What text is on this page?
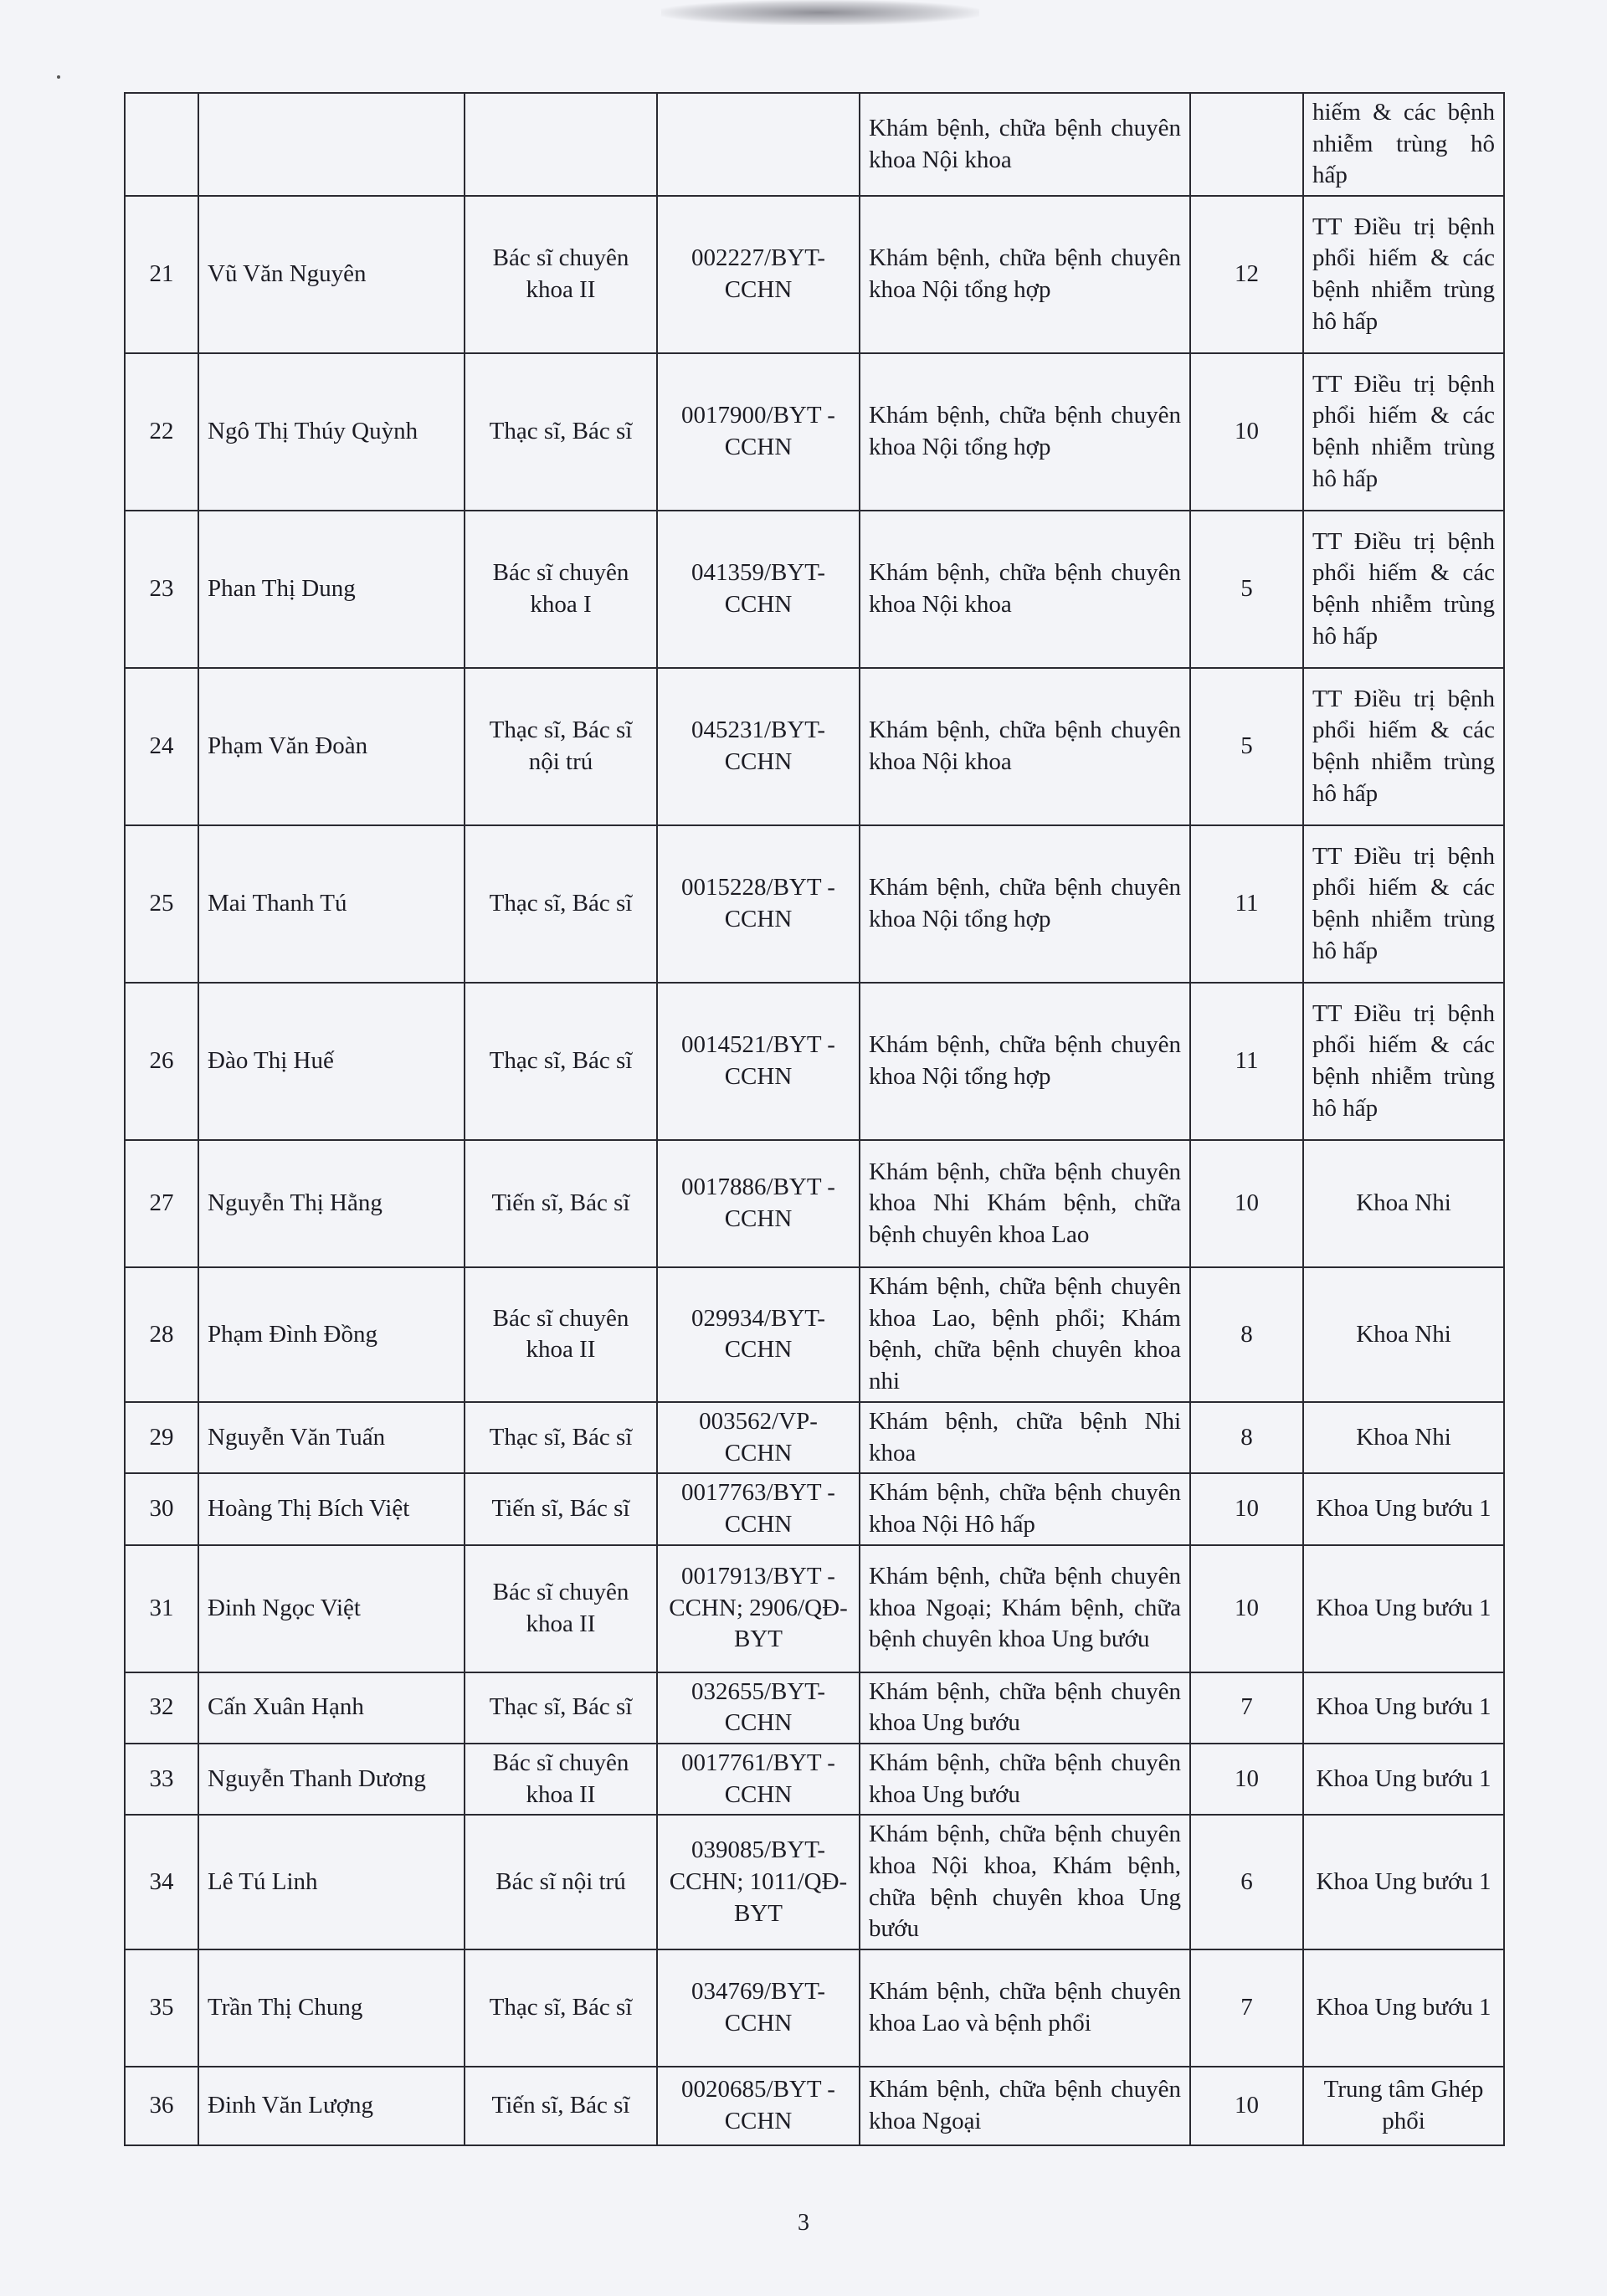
				Khám bệnh, chữa bệnh chuyên khoa Nội khoa		hiếm & các bệnh nhiễm trùng hô hấp
21	Vũ Văn Nguyên	Bác sĩ chuyên khoa II	002227/BYT-CCHN	Khám bệnh, chữa bệnh chuyên khoa Nội tổng hợp	12	TT Điều trị bệnh phổi hiếm & các bệnh nhiễm trùng hô hấp
22	Ngô Thị Thúy Quỳnh	Thạc sĩ, Bác sĩ	0017900/BYT -CCHN	Khám bệnh, chữa bệnh chuyên khoa Nội tổng hợp	10	TT Điều trị bệnh phổi hiếm & các bệnh nhiễm trùng hô hấp
23	Phan Thị Dung	Bác sĩ chuyên khoa I	041359/BYT-CCHN	Khám bệnh, chữa bệnh chuyên khoa Nội khoa	5	TT Điều trị bệnh phổi hiếm & các bệnh nhiễm trùng hô hấp
24	Phạm Văn Đoàn	Thạc sĩ, Bác sĩ nội trú	045231/BYT-CCHN	Khám bệnh, chữa bệnh chuyên khoa Nội khoa	5	TT Điều trị bệnh phổi hiếm & các bệnh nhiễm trùng hô hấp
25	Mai Thanh Tú	Thạc sĩ, Bác sĩ	0015228/BYT -CCHN	Khám bệnh, chữa bệnh chuyên khoa Nội tổng hợp	11	TT Điều trị bệnh phổi hiếm & các bệnh nhiễm trùng hô hấp
26	Đào Thị Huế	Thạc sĩ, Bác sĩ	0014521/BYT -CCHN	Khám bệnh, chữa bệnh chuyên khoa Nội tổng hợp	11	TT Điều trị bệnh phổi hiếm & các bệnh nhiễm trùng hô hấp
27	Nguyễn Thị Hằng	Tiến sĩ, Bác sĩ	0017886/BYT -CCHN	Khám bệnh, chữa bệnh chuyên khoa Nhi Khám bệnh, chữa bệnh chuyên khoa Lao	10	Khoa Nhi
28	Phạm Đình Đồng	Bác sĩ chuyên khoa II	029934/BYT-CCHN	Khám bệnh, chữa bệnh chuyên khoa Lao, bệnh phổi; Khám bệnh, chữa bệnh chuyên khoa nhi	8	Khoa Nhi
29	Nguyễn Văn Tuấn	Thạc sĩ, Bác sĩ	003562/VP-CCHN	Khám bệnh, chữa bệnh Nhi khoa	8	Khoa Nhi
30	Hoàng Thị Bích Việt	Tiến sĩ, Bác sĩ	0017763/BYT -CCHN	Khám bệnh, chữa bệnh chuyên khoa Nội Hô hấp	10	Khoa Ung bướu 1
31	Đinh Ngọc Việt	Bác sĩ chuyên khoa II	0017913/BYT -CCHN; 2906/QĐ-BYT	Khám bệnh, chữa bệnh chuyên khoa Ngoại; Khám bệnh, chữa bệnh chuyên khoa Ung bướu	10	Khoa Ung bướu 1
32	Cấn Xuân Hạnh	Thạc sĩ, Bác sĩ	032655/BYT-CCHN	Khám bệnh, chữa bệnh chuyên khoa Ung bướu	7	Khoa Ung bướu 1
33	Nguyễn Thanh Dương	Bác sĩ chuyên khoa II	0017761/BYT -CCHN	Khám bệnh, chữa bệnh chuyên khoa Ung bướu	10	Khoa Ung bướu 1
34	Lê Tú Linh	Bác sĩ nội trú	039085/BYT-CCHN; 1011/QĐ-BYT	Khám bệnh, chữa bệnh chuyên khoa Nội khoa, Khám bệnh, chữa bệnh chuyên khoa Ung bướu	6	Khoa Ung bướu 1
35	Trần Thị Chung	Thạc sĩ, Bác sĩ	034769/BYT-CCHN	Khám bệnh, chữa bệnh chuyên khoa Lao và bệnh phổi	7	Khoa Ung bướu 1
36	Đinh Văn Lượng	Tiến sĩ, Bác sĩ	0020685/BYT -CCHN	Khám bệnh, chữa bệnh chuyên khoa Ngoại	10	Trung tâm Ghép phổi
3
